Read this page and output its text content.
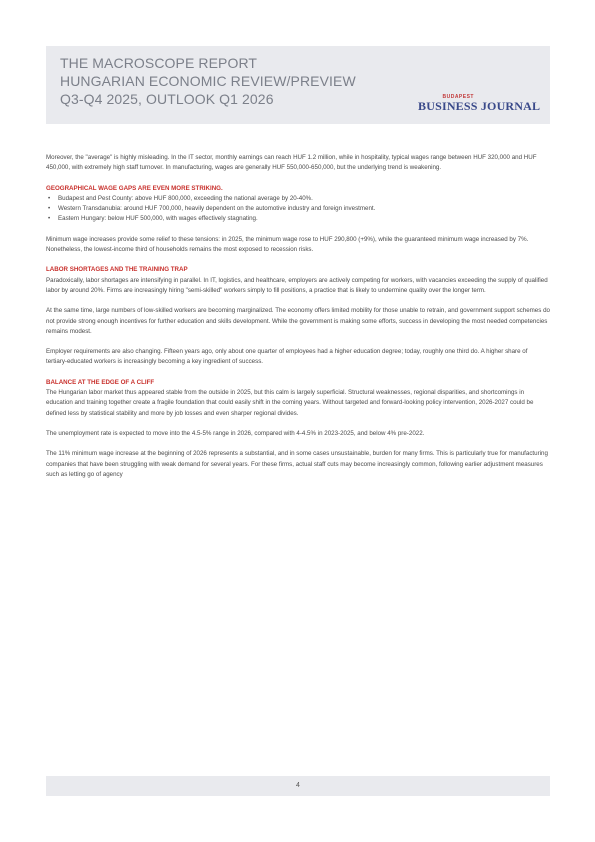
THE MACROSCOPE REPORT
HUNGARIAN ECONOMIC REVIEW/PREVIEW
Q3-Q4 2025, OUTLOOK Q1 2026	BUDAPEST
BUSINESS JOURNAL

Moreover, the "average" is highly misleading. In the IT sector, monthly earnings can reach HUF 1.2 million, while in hospitality, typical wages range between HUF 320,000 and HUF 450,000, with extremely high staff turnover. In manufacturing, wages are generally HUF 550,000-650,000, but the underlying trend is weakening.

GEOGRAPHICAL WAGE GAPS ARE EVEN MORE STRIKING.
• Budapest and Pest County: above HUF 800,000, exceeding the national average by 20-40%.
• Western Transdanubia: around HUF 700,000, heavily dependent on the automotive industry and foreign investment.
• Eastern Hungary: below HUF 500,000, with wages effectively stagnating.

Minimum wage increases provide some relief to these tensions: in 2025, the minimum wage rose to HUF 290,800 (+9%), while the guaranteed minimum wage increased by 7%. Nonetheless, the lowest-income third of households remains the most exposed to recession risks.

LABOR SHORTAGES AND THE TRAINING TRAP

Paradoxically, labor shortages are intensifying in parallel. In IT, logistics, and healthcare, employers are actively competing for workers, with vacancies exceeding the supply of qualified labor by around 20%. Firms are increasingly hiring "semi-skilled" workers simply to fill positions, a practice that is likely to undermine quality over the longer term.

At the same time, large numbers of low-skilled workers are becoming marginalized. The economy offers limited mobility for those unable to retrain, and government support schemes do not provide strong enough incentives for further education and skills development. While the government is making some efforts, success in developing the most needed competencies remains modest.

Employer requirements are also changing. Fifteen years ago, only about one quarter of employees had a higher education degree; today, roughly one third do. A higher share of tertiary-educated workers is increasingly becoming a key ingredient of success.

BALANCE AT THE EDGE OF A CLIFF

The Hungarian labor market thus appeared stable from the outside in 2025, but this calm is largely superficial. Structural weaknesses, regional disparities, and shortcomings in education and training together create a fragile foundation that could easily shift in the coming years. Without targeted and forward-looking policy intervention, 2026-2027 could be defined less by statistical stability and more by job losses and even sharper regional divides.

The unemployment rate is expected to move into the 4.5-5% range in 2026, compared with 4-4.5% in 2023-2025, and below 4% pre-2022.

The 11% minimum wage increase at the beginning of 2026 represents a substantial, and in some cases unsustainable, burden for many firms. This is particularly true for manufacturing companies that have been struggling with weak demand for several years. For these firms, actual staff cuts may become increasingly common, following earlier adjustment measures such as letting go of agency

4
